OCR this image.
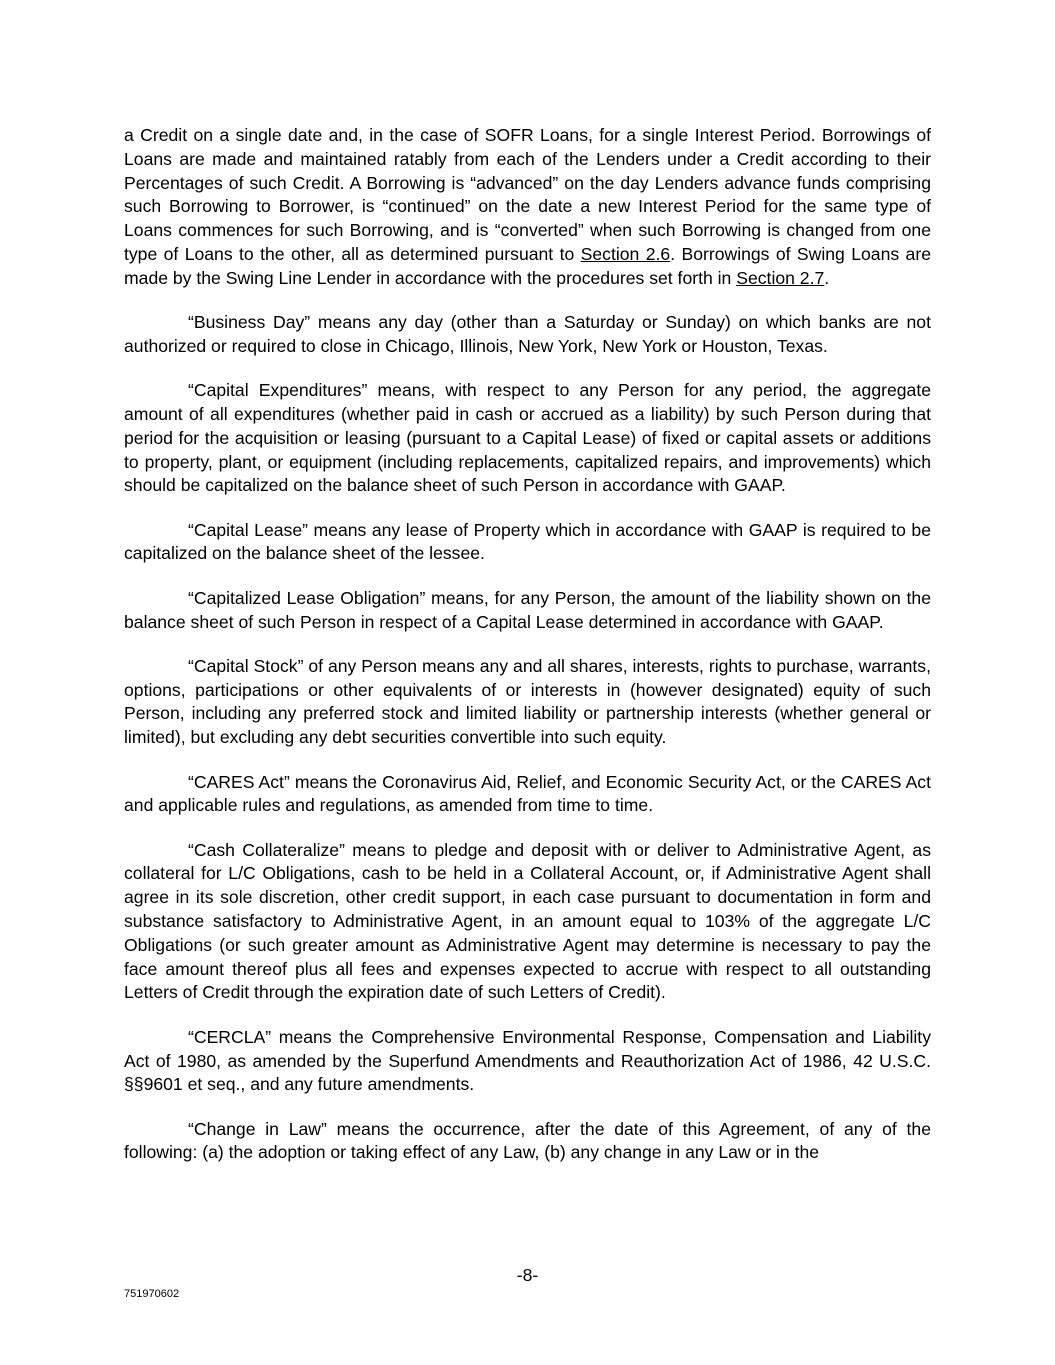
a Credit on a single date and, in the case of SOFR Loans, for a single Interest Period. Borrowings of Loans are made and maintained ratably from each of the Lenders under a Credit according to their Percentages of such Credit. A Borrowing is “advanced” on the day Lenders advance funds comprising such Borrowing to Borrower, is “continued” on the date a new Interest Period for the same type of Loans commences for such Borrowing, and is “converted” when such Borrowing is changed from one type of Loans to the other, all as determined pursuant to Section 2.6. Borrowings of Swing Loans are made by the Swing Line Lender in accordance with the procedures set forth in Section 2.7.

“Business Day” means any day (other than a Saturday or Sunday) on which banks are not authorized or required to close in Chicago, Illinois, New York, New York or Houston, Texas.

“Capital Expenditures” means, with respect to any Person for any period, the aggregate amount of all expenditures (whether paid in cash or accrued as a liability) by such Person during that period for the acquisition or leasing (pursuant to a Capital Lease) of fixed or capital assets or additions to property, plant, or equipment (including replacements, capitalized repairs, and improvements) which should be capitalized on the balance sheet of such Person in accordance with GAAP.

“Capital Lease” means any lease of Property which in accordance with GAAP is required to be capitalized on the balance sheet of the lessee.

“Capitalized Lease Obligation” means, for any Person, the amount of the liability shown on the balance sheet of such Person in respect of a Capital Lease determined in accordance with GAAP.

“Capital Stock” of any Person means any and all shares, interests, rights to purchase, warrants, options, participations or other equivalents of or interests in (however designated) equity of such Person, including any preferred stock and limited liability or partnership interests (whether general or limited), but excluding any debt securities convertible into such equity.

“CARES Act” means the Coronavirus Aid, Relief, and Economic Security Act, or the CARES Act and applicable rules and regulations, as amended from time to time.

“Cash Collateralize” means to pledge and deposit with or deliver to Administrative Agent, as collateral for L/C Obligations, cash to be held in a Collateral Account, or, if Administrative Agent shall agree in its sole discretion, other credit support, in each case pursuant to documentation in form and substance satisfactory to Administrative Agent, in an amount equal to 103% of the aggregate L/C Obligations (or such greater amount as Administrative Agent may determine is necessary to pay the face amount thereof plus all fees and expenses expected to accrue with respect to all outstanding Letters of Credit through the expiration date of such Letters of Credit).

“CERCLA” means the Comprehensive Environmental Response, Compensation and Liability Act of 1980, as amended by the Superfund Amendments and Reauthorization Act of 1986, 42 U.S.C. §§9601 et seq., and any future amendments.

“Change in Law” means the occurrence, after the date of this Agreement, of any of the following: (a) the adoption or taking effect of any Law, (b) any change in any Law or in the

-8-
751970602
